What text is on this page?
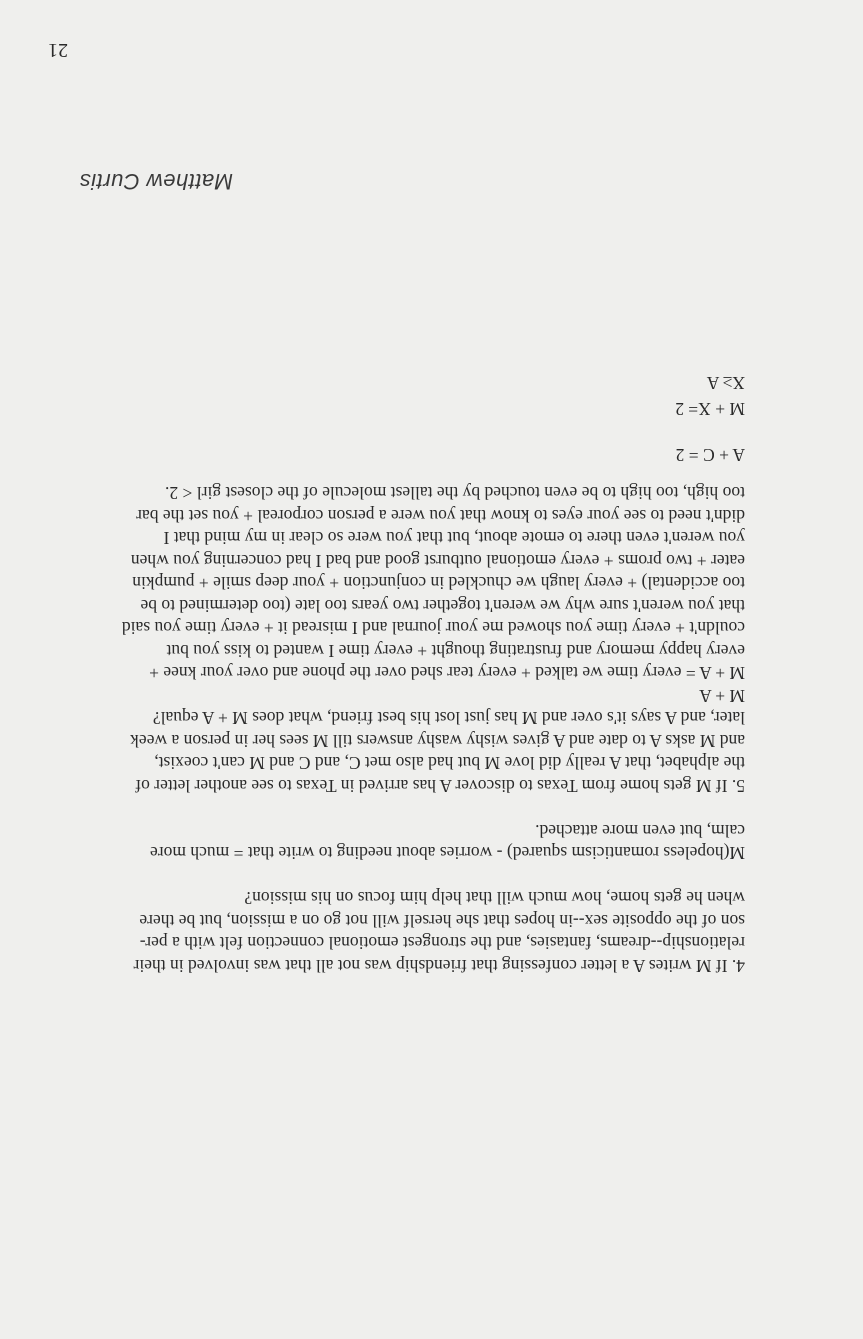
4. If M writes A a letter confessing that friendship was not all that was involved in their
relationship--dreams, fantasies, and the strongest emotional connection felt with a per-
son of the opposite sex--in hopes that she herself will not go on a mission, but be there
when he gets home, how much will that help him focus on his mission?

M(hopeless romanticism squared) - worries about needing to write that = much more
calm, but even more attached.

5. If M gets home from Texas to discover A has arrived in Texas to see another letter of
the alphabet, that A really did love M but had also met C, and C and M can't coexist,
and M asks A to date and A gives wishy washy answers till M sees her in person a week
later, and A says it's over and M has just lost his best friend, what does M + A equal?
M + A

M + A = every time we talked + every tear shed over the phone and over your knee +
every happy memory and frustrating thought + every time I wanted to kiss you but
couldn't + every time you showed me your journal and I misread it + every time you said
that you weren't sure why we weren't together two years too late (too determined to be
too accidental) + every laugh we chuckled in conjunction + your deep smile + pumpkin
eater + two proms + every emotional outburst good and bad I had concerning you when
you weren't even there to emote about, but that you were so clear in my mind that I
didn't need to see your eyes to know that you were a person corporeal + you set the bar
too high, too high to be even touched by the tallest molecule of the closest girl < 2.

A + C = 2
M + X= 2
X≥ A
Matthew Curtis
21
